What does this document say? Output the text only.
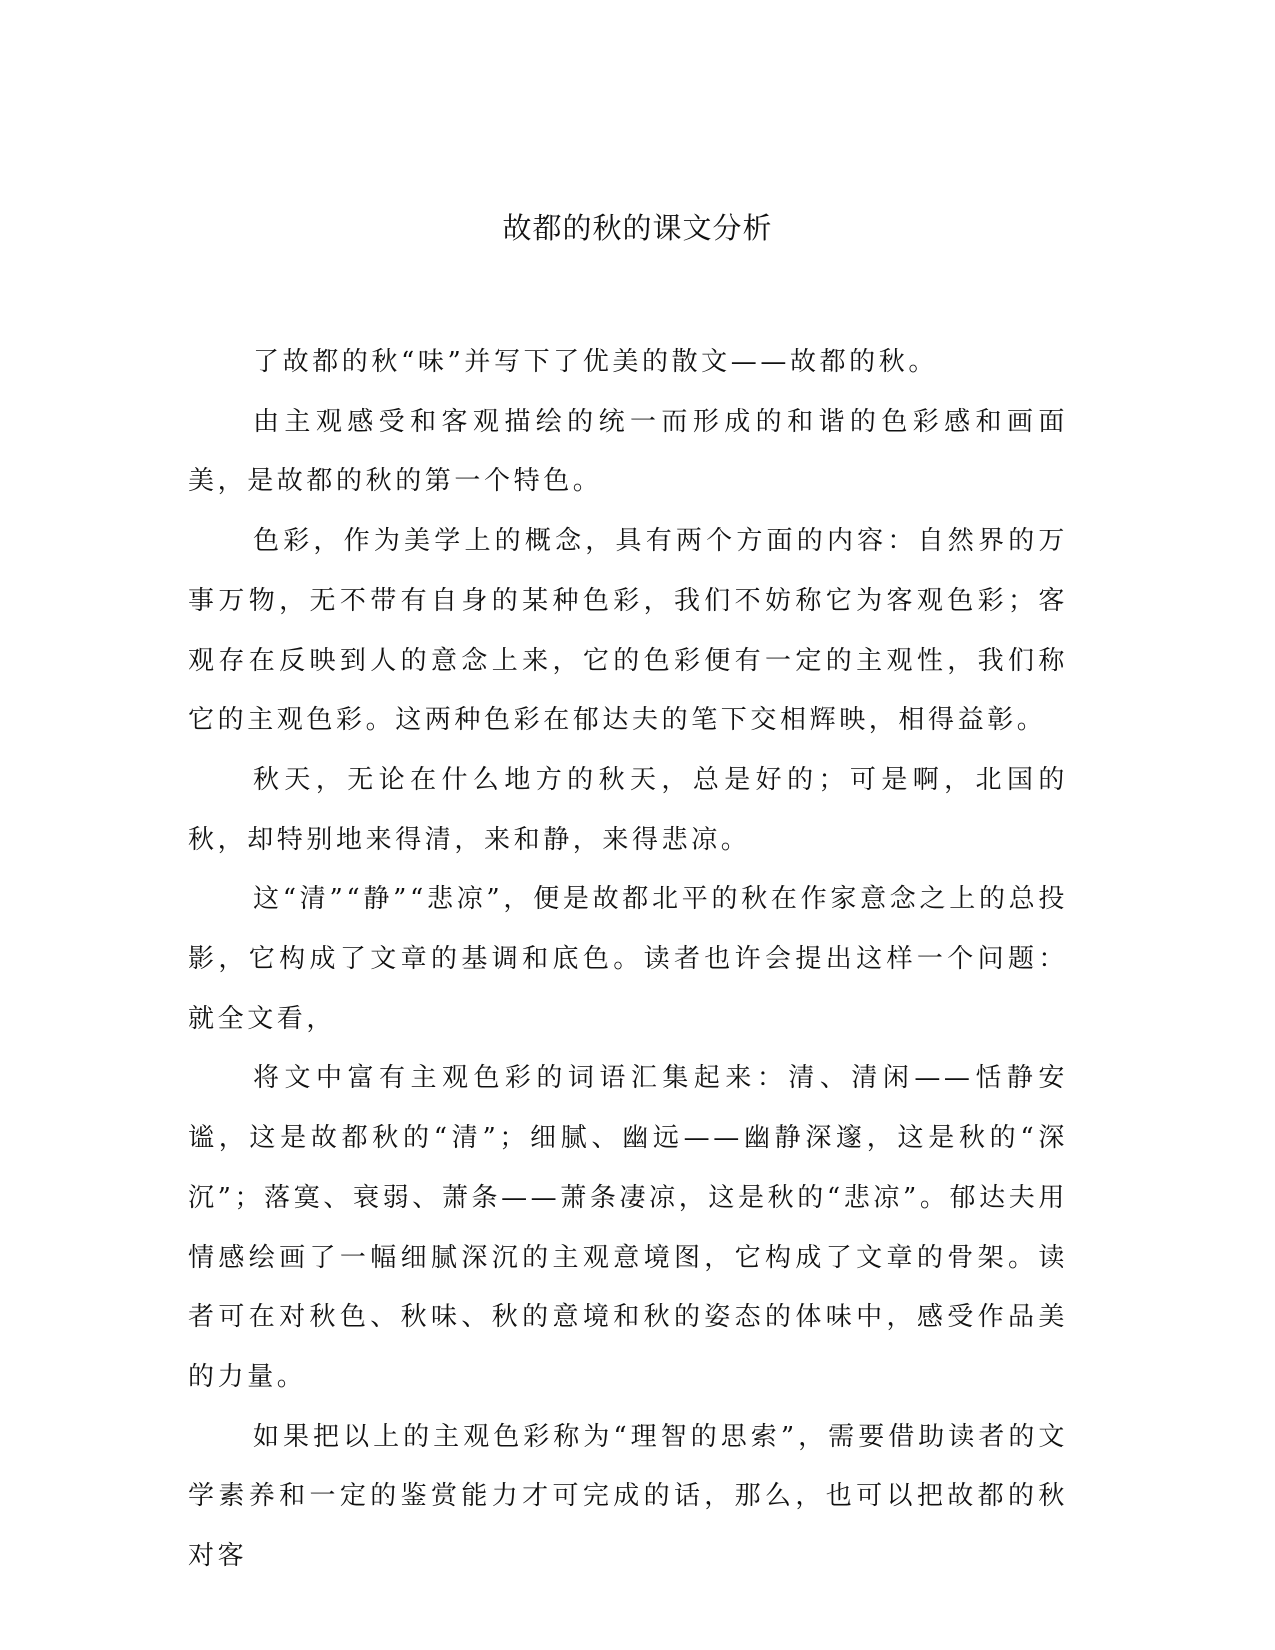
故都的秋的课文分析

了故都的秋“味”并写下了优美的散文——故都的秋。

由主观感受和客观描绘的统一而形成的和谐的色彩感和画面美，是故都的秋的第一个特色。

色彩，作为美学上的概念，具有两个方面的内容：自然界的万事万物，无不带有自身的某种色彩，我们不妨称它为客观色彩；客观存在反映到人的意念上来，它的色彩便有一定的主观性，我们称它的主观色彩。这两种色彩在郁达夫的笔下交相辉映，相得益彰。

秋天，无论在什么地方的秋天，总是好的；可是啊，北国的秋，却特别地来得清，来和静，来得悲凉。

这“清”“静”“悲凉”，便是故都北平的秋在作家意念之上的总投影，它构成了文章的基调和底色。读者也许会提出这样一个问题：就全文看，

将文中富有主观色彩的词语汇集起来：清、清闲——恬静安谧，这是故都秋的“清”；细腻、幽远——幽静深邃，这是秋的“深沉”；落寞、衰弱、萧条——萧条凄凉，这是秋的“悲凉”。郁达夫用情感绘画了一幅细腻深沉的主观意境图，它构成了文章的骨架。读者可在对秋色、秋味、秋的意境和秋的姿态的体味中，感受作品美的力量。

如果把以上的主观色彩称为“理智的思索”，需要借助读者的文学素养和一定的鉴赏能力才可完成的话，那么，也可以把故都的秋对客
